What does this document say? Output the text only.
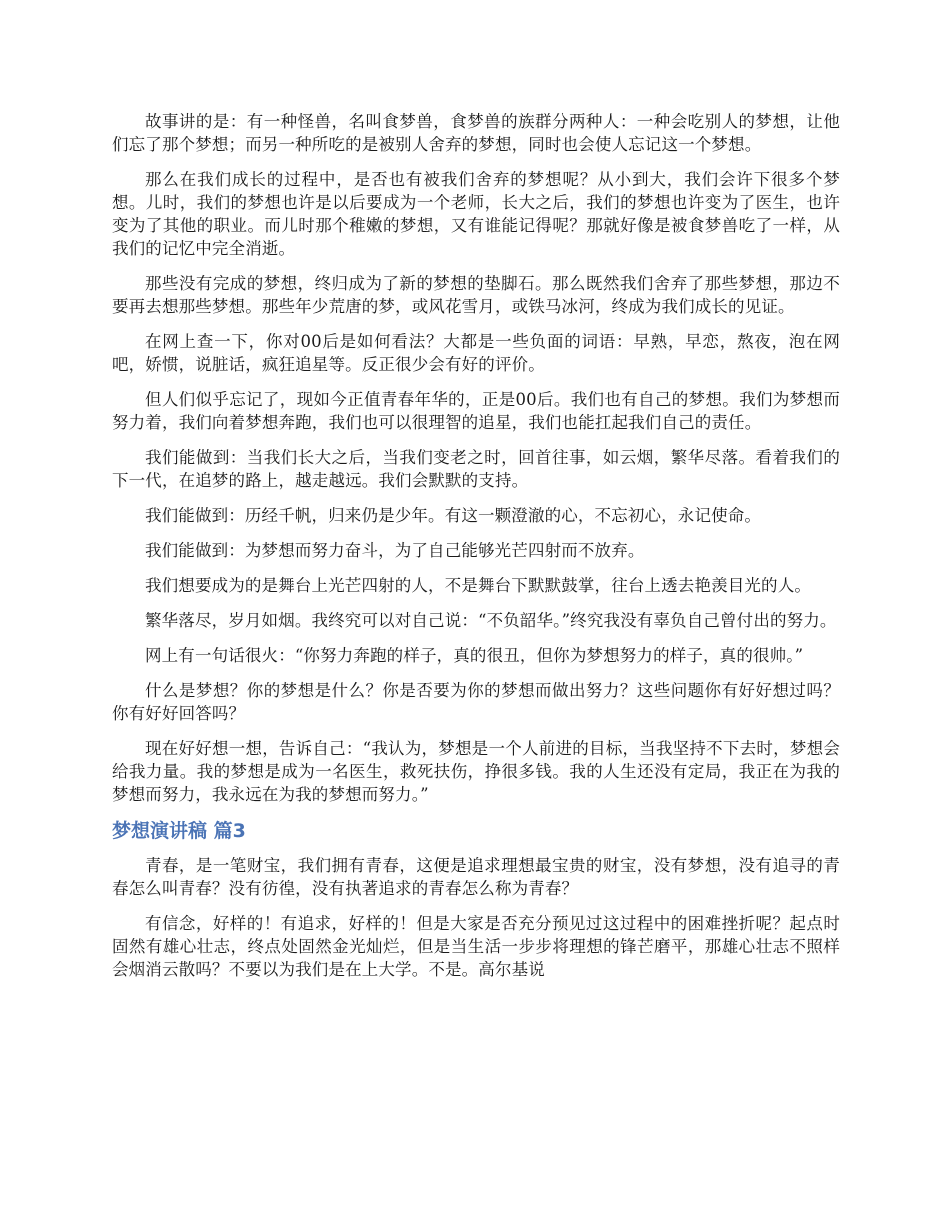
故事讲的是：有一种怪兽，名叫食梦兽，食梦兽的族群分两种人：一种会吃别人的梦想，让他们忘了那个梦想；而另一种所吃的是被别人舍弃的梦想，同时也会使人忘记这一个梦想。

那么在我们成长的过程中，是否也有被我们舍弃的梦想呢？从小到大，我们会许下很多个梦想。儿时，我们的梦想也许是以后要成为一个老师，长大之后，我们的梦想也许变为了医生，也许变为了其他的职业。而儿时那个稚嫩的梦想，又有谁能记得呢？那就好像是被食梦兽吃了一样，从我们的记忆中完全消逝。

那些没有完成的梦想，终归成为了新的梦想的垫脚石。那么既然我们舍弃了那些梦想，那边不要再去想那些梦想。那些年少荒唐的梦，或风花雪月，或铁马冰河，终成为我们成长的见证。

在网上查一下，你对00后是如何看法？大都是一些负面的词语：早熟，早恋，熬夜，泡在网吧，娇惯，说脏话，疯狂追星等。反正很少会有好的评价。

但人们似乎忘记了，现如今正值青春年华的，正是00后。我们也有自己的梦想。我们为梦想而努力着，我们向着梦想奔跑，我们也可以很理智的追星，我们也能扛起我们自己的责任。

我们能做到：当我们长大之后，当我们变老之时，回首往事，如云烟，繁华尽落。看着我们的下一代，在追梦的路上，越走越远。我们会默默的支持。

我们能做到：历经千帆，归来仍是少年。有这一颗澄澈的心，不忘初心，永记使命。

我们能做到：为梦想而努力奋斗，为了自己能够光芒四射而不放弃。

我们想要成为的是舞台上光芒四射的人，不是舞台下默默鼓掌，往台上透去艳羡目光的人。

繁华落尽，岁月如烟。我终究可以对自己说：“不负韶华。”终究我没有辜负自己曾付出的努力。

网上有一句话很火：“你努力奔跑的样子，真的很丑，但你为梦想努力的样子，真的很帅。”

什么是梦想？你的梦想是什么？你是否要为你的梦想而做出努力？这些问题你有好好想过吗？你有好好回答吗？

现在好好想一想，告诉自己：“我认为，梦想是一个人前进的目标，当我坚持不下去时，梦想会给我力量。我的梦想是成为一名医生，救死扶伤，挣很多钱。我的人生还没有定局，我正在为我的梦想而努力，我永远在为我的梦想而努力。”

梦想演讲稿 篇3

青春，是一笔财宝，我们拥有青春，这便是追求理想最宝贵的财宝，没有梦想，没有追寻的青春怎么叫青春？没有彷徨，没有执著追求的青春怎么称为青春？

有信念，好样的！有追求，好样的！但是大家是否充分预见过这过程中的困难挫折呢？起点时固然有雄心壮志，终点处固然金光灿烂，但是当生活一步步将理想的锋芒磨平，那雄心壮志不照样会烟消云散吗？不要以为我们是在上大学。不是。高尔基说
